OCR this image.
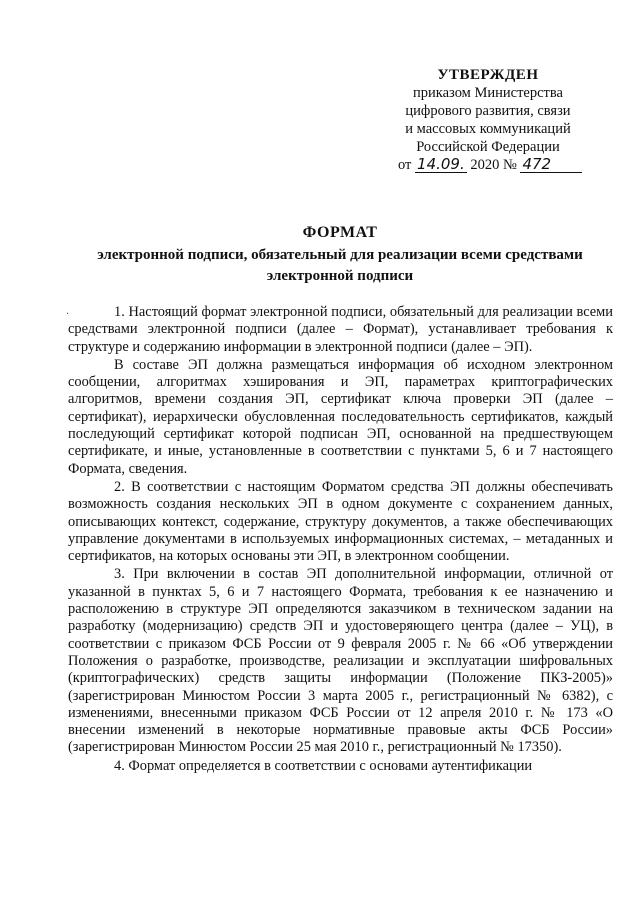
УТВЕРЖДЕН
приказом Министерства
цифрового развития, связи
и массовых коммуникаций
Российской Федерации
от 14.09. 2020 № 472
ФОРМАТ
электронной подписи, обязательный для реализации всеми средствами электронной подписи
·	1. Настоящий формат электронной подписи, обязательный для реализации всеми средствами электронной подписи (далее – Формат), устанавливает требования к структуре и содержанию информации в электронной подписи (далее – ЭП).

В составе ЭП должна размещаться информация об исходном электронном сообщении, алгоритмах хэширования и ЭП, параметрах криптографических алгоритмов, времени создания ЭП, сертификат ключа проверки ЭП (далее – сертификат), иерархически обусловленная последовательность сертификатов, каждый последующий сертификат которой подписан ЭП, основанной на предшествующем сертификате, и иные, установленные в соответствии с пунктами 5, 6 и 7 настоящего Формата, сведения.

2. В соответствии с настоящим Форматом средства ЭП должны обеспечивать возможность создания нескольких ЭП в одном документе с сохранением данных, описывающих контекст, содержание, структуру документов, а также обеспечивающих управление документами в используемых информационных системах, – метаданных и сертификатов, на которых основаны эти ЭП, в электронном сообщении.

3. При включении в состав ЭП дополнительной информации, отличной от указанной в пунктах 5, 6 и 7 настоящего Формата, требования к ее назначению и расположению в структуре ЭП определяются заказчиком в техническом задании на разработку (модернизацию) средств ЭП и удостоверяющего центра (далее – УЦ), в соответствии с приказом ФСБ России от 9 февраля 2005 г. № 66 «Об утверждении Положения о разработке, производстве, реализации и эксплуатации шифровальных (криптографических) средств защиты информации (Положение ПКЗ-2005)» (зарегистрирован Минюстом России 3 марта 2005 г., регистрационный № 6382), с изменениями, внесенными приказом ФСБ России от 12 апреля 2010 г. № 173 «О внесении изменений в некоторые нормативные правовые акты ФСБ России» (зарегистрирован Минюстом России 25 мая 2010 г., регистрационный № 17350).

4. Формат определяется в соответствии с основами аутентификации
